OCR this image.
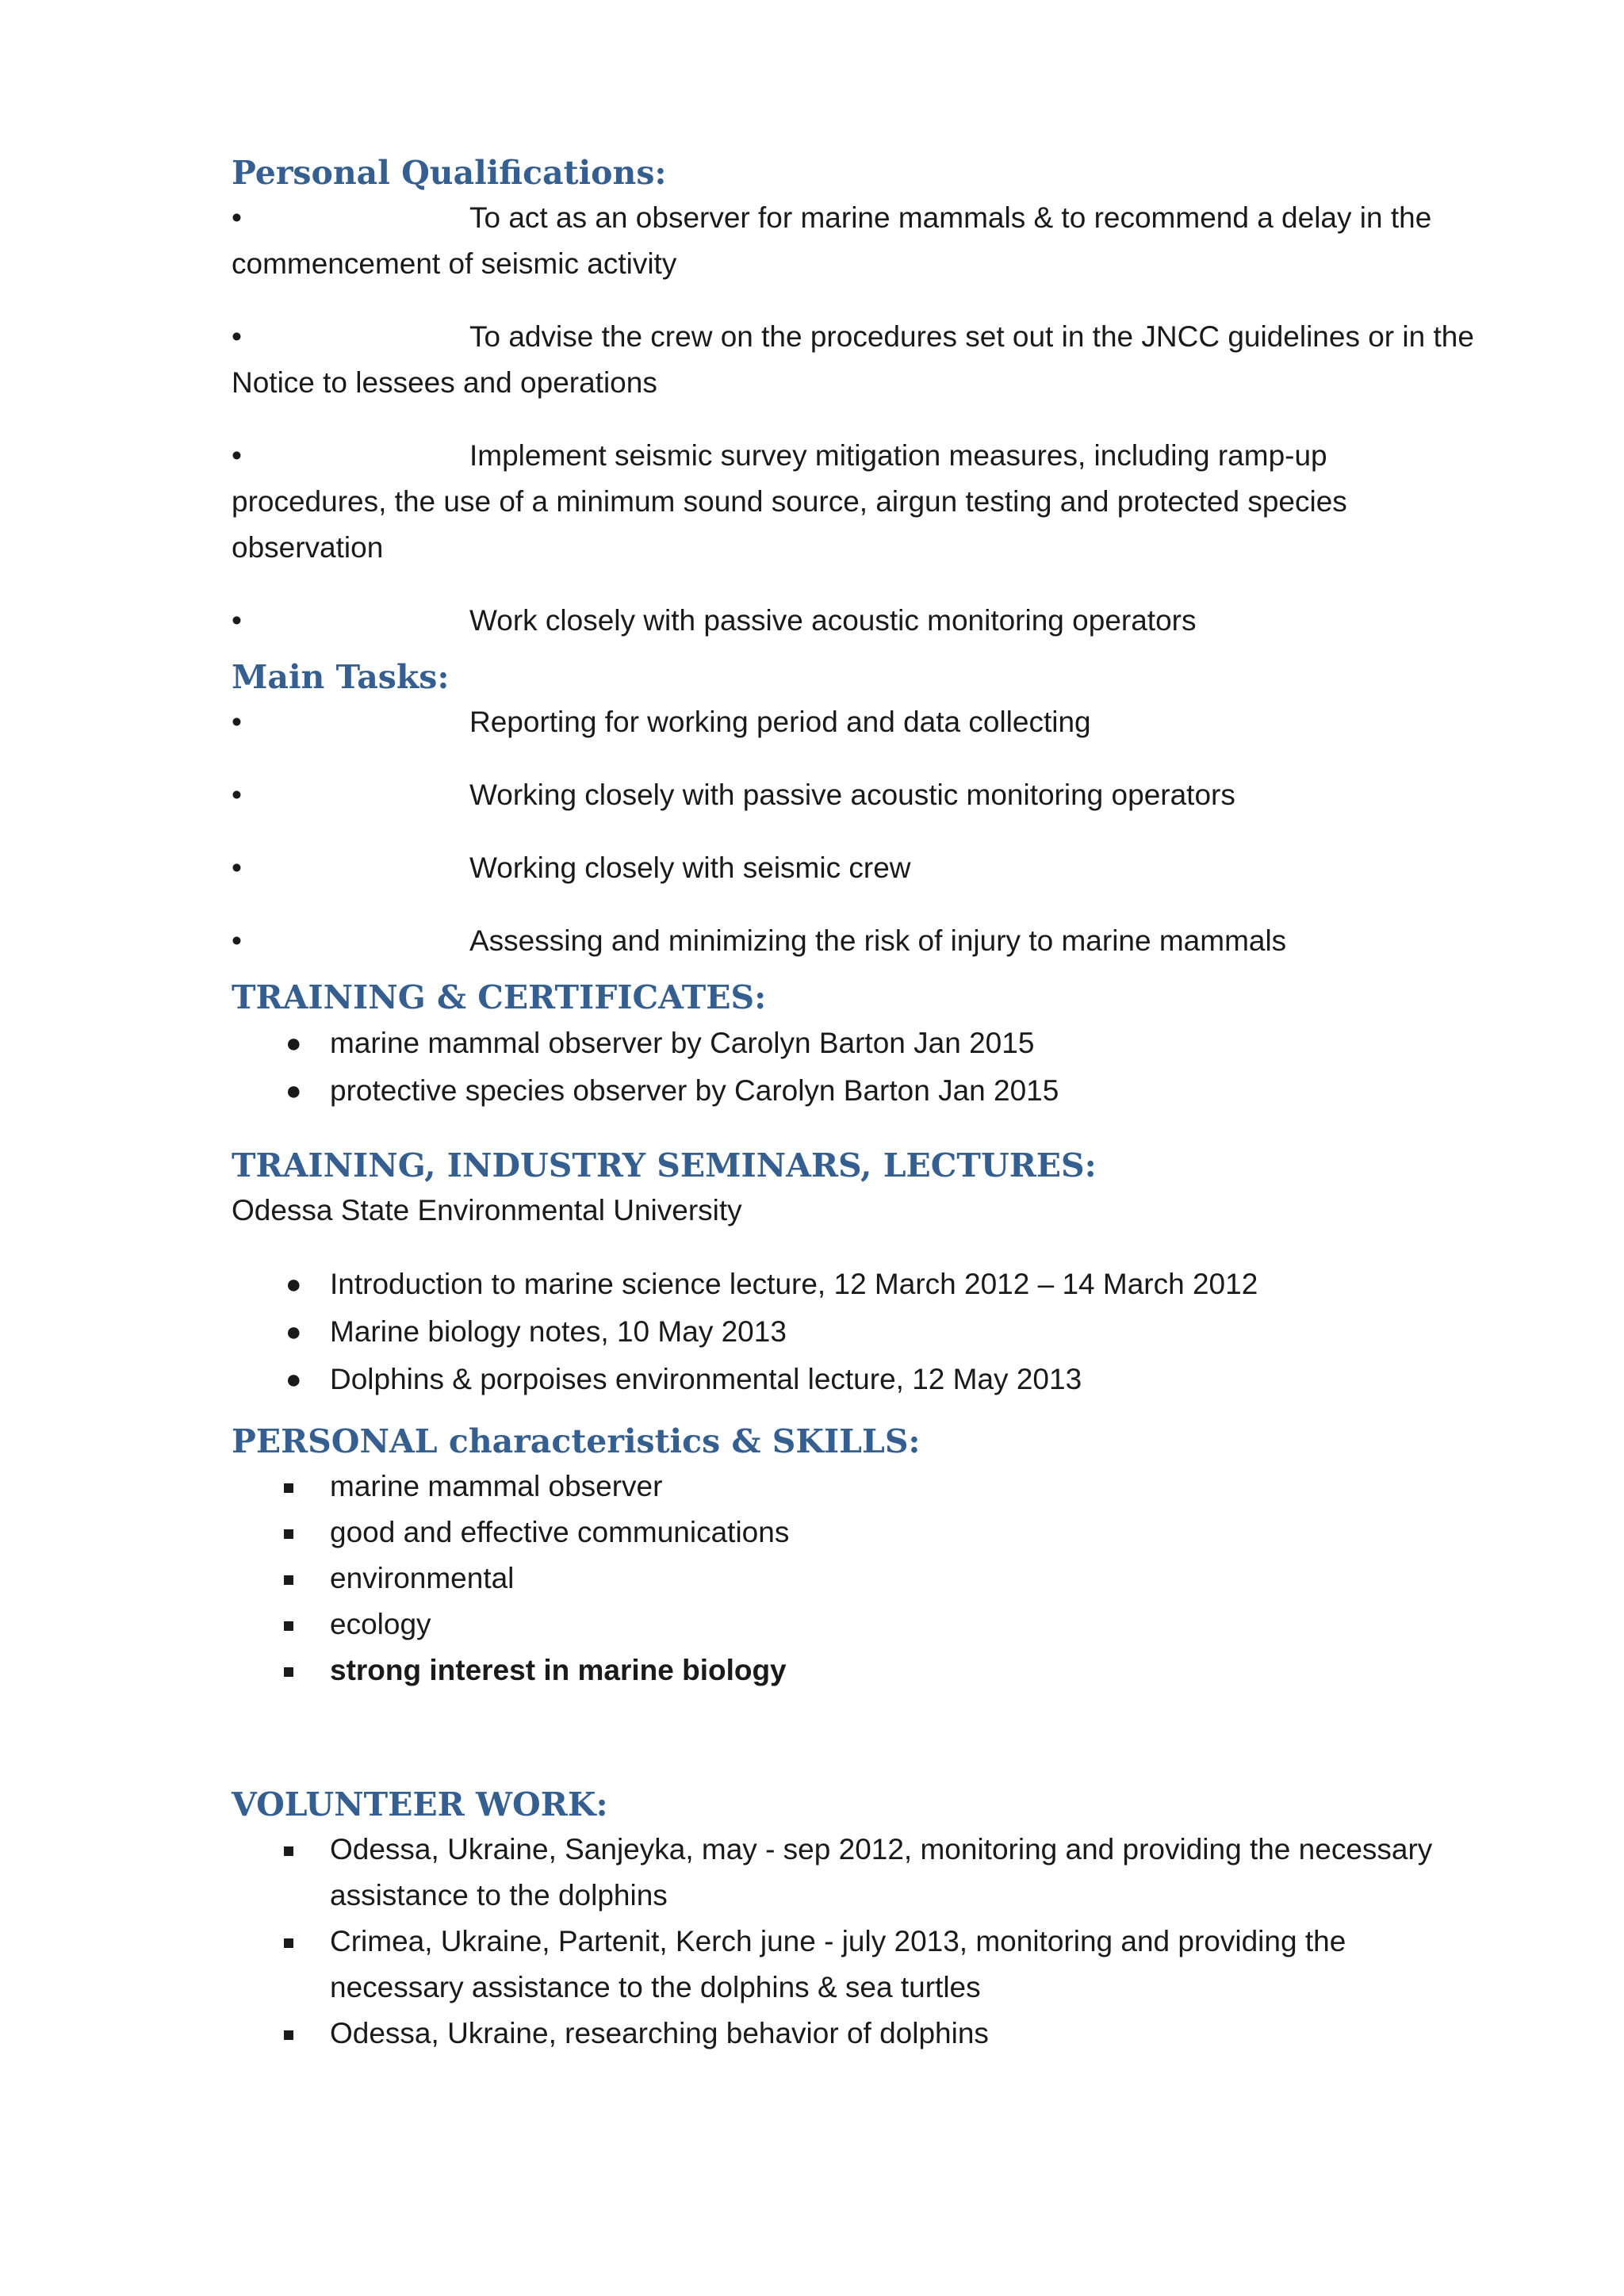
Personal Qualifications:
•	To act as an observer for marine mammals & to recommend a delay in the
commencement of seismic activity
•	To advise the crew on the procedures set out in the JNCC guidelines or in the
Notice to lessees and operations
•	Implement seismic survey mitigation measures, including ramp-up
procedures, the use of a minimum sound source, airgun testing and protected species
observation
•	Work closely with passive acoustic monitoring operators
Main Tasks:
•	Reporting for working period and data collecting
•	Working closely with passive acoustic monitoring operators
•	Working closely with seismic crew
•	Assessing and minimizing the risk of injury to marine mammals
TRAINING & CERTIFICATES:
● marine mammal observer by Carolyn Barton Jan 2015
● protective species observer by Carolyn Barton Jan 2015
TRAINING, INDUSTRY SEMINARS, LECTURES:

Odessa State Environmental University

● Introduction to marine science lecture, 12 March 2012 – 14 March 2012
● Marine biology notes, 10 May 2013
● Dolphins & porpoises environmental lecture, 12 May 2013
PERSONAL characteristics & SKILLS:
marine mammal observer
good and effective communications
environmental
ecology
strong interest in marine biology
VOLUNTEER WORK:
Odessa, Ukraine, Sanjeyka, may - sep 2012, monitoring and providing the necessary
assistance to the dolphins
Crimea, Ukraine, Partenit, Kerch june - july 2013, monitoring and providing the
necessary assistance to the dolphins & sea turtles
Odessa, Ukraine, researching behavior of dolphins
